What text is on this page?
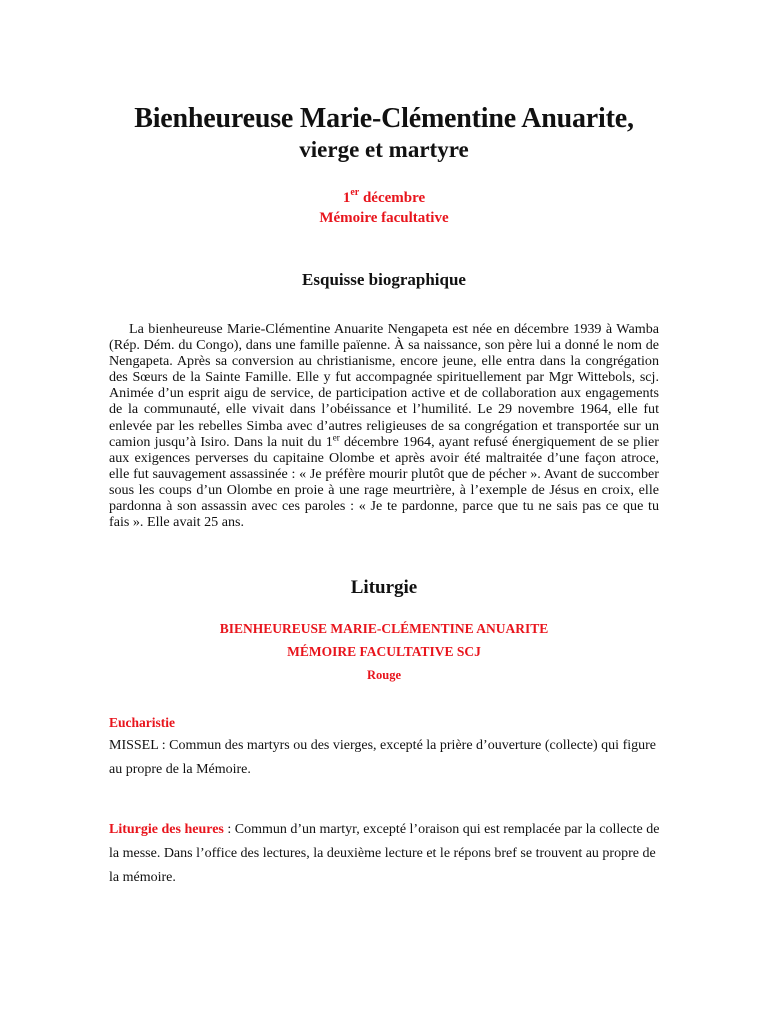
Bienheureuse Marie-Clémentine Anuarite,
vierge et martyre
1er décembre
Mémoire facultative
Esquisse biographique

La bienheureuse Marie-Clémentine Anuarite Nengapeta est née en décembre 1939 à Wamba (Rép. Dém. du Congo), dans une famille païenne. À sa naissance, son père lui a donné le nom de Nengapeta. Après sa conversion au christianisme, encore jeune, elle entra dans la congrégation des Sœurs de la Sainte Famille. Elle y fut accompagnée spirituellement par Mgr Wittebols, scj. Animée d’un esprit aigu de service, de participation active et de collaboration aux engagements de la communauté, elle vivait dans l’obéissance et l’humilité. Le 29 novembre 1964, elle fut enlevée par les rebelles Simba avec d’autres religieuses de sa congrégation et transportée sur un camion jusqu’à Isiro. Dans la nuit du 1er décembre 1964, ayant refusé énergiquement de se plier aux exigences perverses du capitaine Olombe et après avoir été maltraitée d’une façon atroce, elle fut sauvagement assassinée : « Je préfère mourir plutôt que de pécher ». Avant de succomber sous les coups d’un Olombe en proie à une rage meurtrière, à l’exemple de Jésus en croix, elle pardonna à son assassin avec ces paroles : « Je te pardonne, parce que tu ne sais pas ce que tu fais ». Elle avait 25 ans.

Liturgie
BIENHEUREUSE MARIE-CLÉMENTINE ANUARITE
MÉMOIRE FACULTATIVE SCJ
Rouge
Eucharistie

MISSEL : Commun des martyrs ou des vierges, excepté la prière d’ouverture (collecte) qui figure au propre de la Mémoire.

Liturgie des heures : Commun d’un martyr, excepté l’oraison qui est remplacée par la collecte de la messe. Dans l’office des lectures, la deuxième lecture et le répons bref se trouvent au propre de la mémoire.
